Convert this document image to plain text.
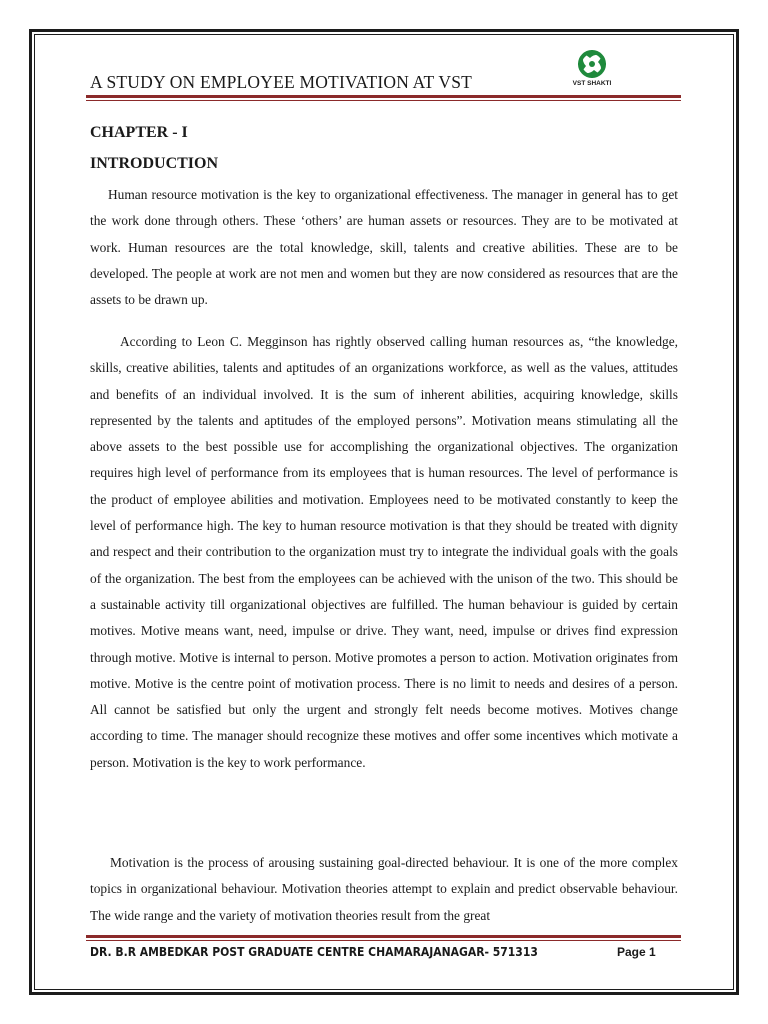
A STUDY ON EMPLOYEE MOTIVATION AT VST	VST SHAKTI
CHAPTER - I
INTRODUCTION

Human resource motivation is the key to organizational effectiveness. The manager in general has to get the work done through others. These ‘others’ are human assets or resources. They are to be motivated at work. Human resources are the total knowledge, skill, talents and creative abilities. These are to be developed. The people at work are not men and women but they are now considered as resources that are the assets to be drawn up.

According to Leon C. Megginson has rightly observed calling human resources as, “the knowledge, skills, creative abilities, talents and aptitudes of an organizations workforce, as well as the values, attitudes and benefits of an individual involved. It is the sum of inherent abilities, acquiring knowledge, skills represented by the talents and aptitudes of the employed persons”. Motivation means stimulating all the above assets to the best possible use for accomplishing the organizational objectives. The organization requires high level of performance from its employees that is human resources. The level of performance is the product of employee abilities and motivation. Employees need to be motivated constantly to keep the level of performance high. The key to human resource motivation is that they should be treated with dignity and respect and their contribution to the organization must try to integrate the individual goals with the goals of the organization. The best from the employees can be achieved with the unison of the two. This should be a sustainable activity till organizational objectives are fulfilled. The human behaviour is guided by certain motives. Motive means want, need, impulse or drive. They want, need, impulse or drives find expression through motive. Motive is internal to person. Motive promotes a person to action. Motivation originates from motive. Motive is the centre point of motivation process. There is no limit to needs and desires of a person. All cannot be satisfied but only the urgent and strongly felt needs become motives. Motives change according to time. The manager should recognize these motives and offer some incentives which motivate a person. Motivation is the key to work performance.

Motivation is the process of arousing sustaining goal-directed behaviour. It is one of the more complex topics in organizational behaviour. Motivation theories attempt to explain and predict observable behaviour. The wide range and the variety of motivation theories result from the great

DR. B.R AMBEDKAR POST GRADUATE CENTRE CHAMARAJANAGAR- 571313	Page 1
